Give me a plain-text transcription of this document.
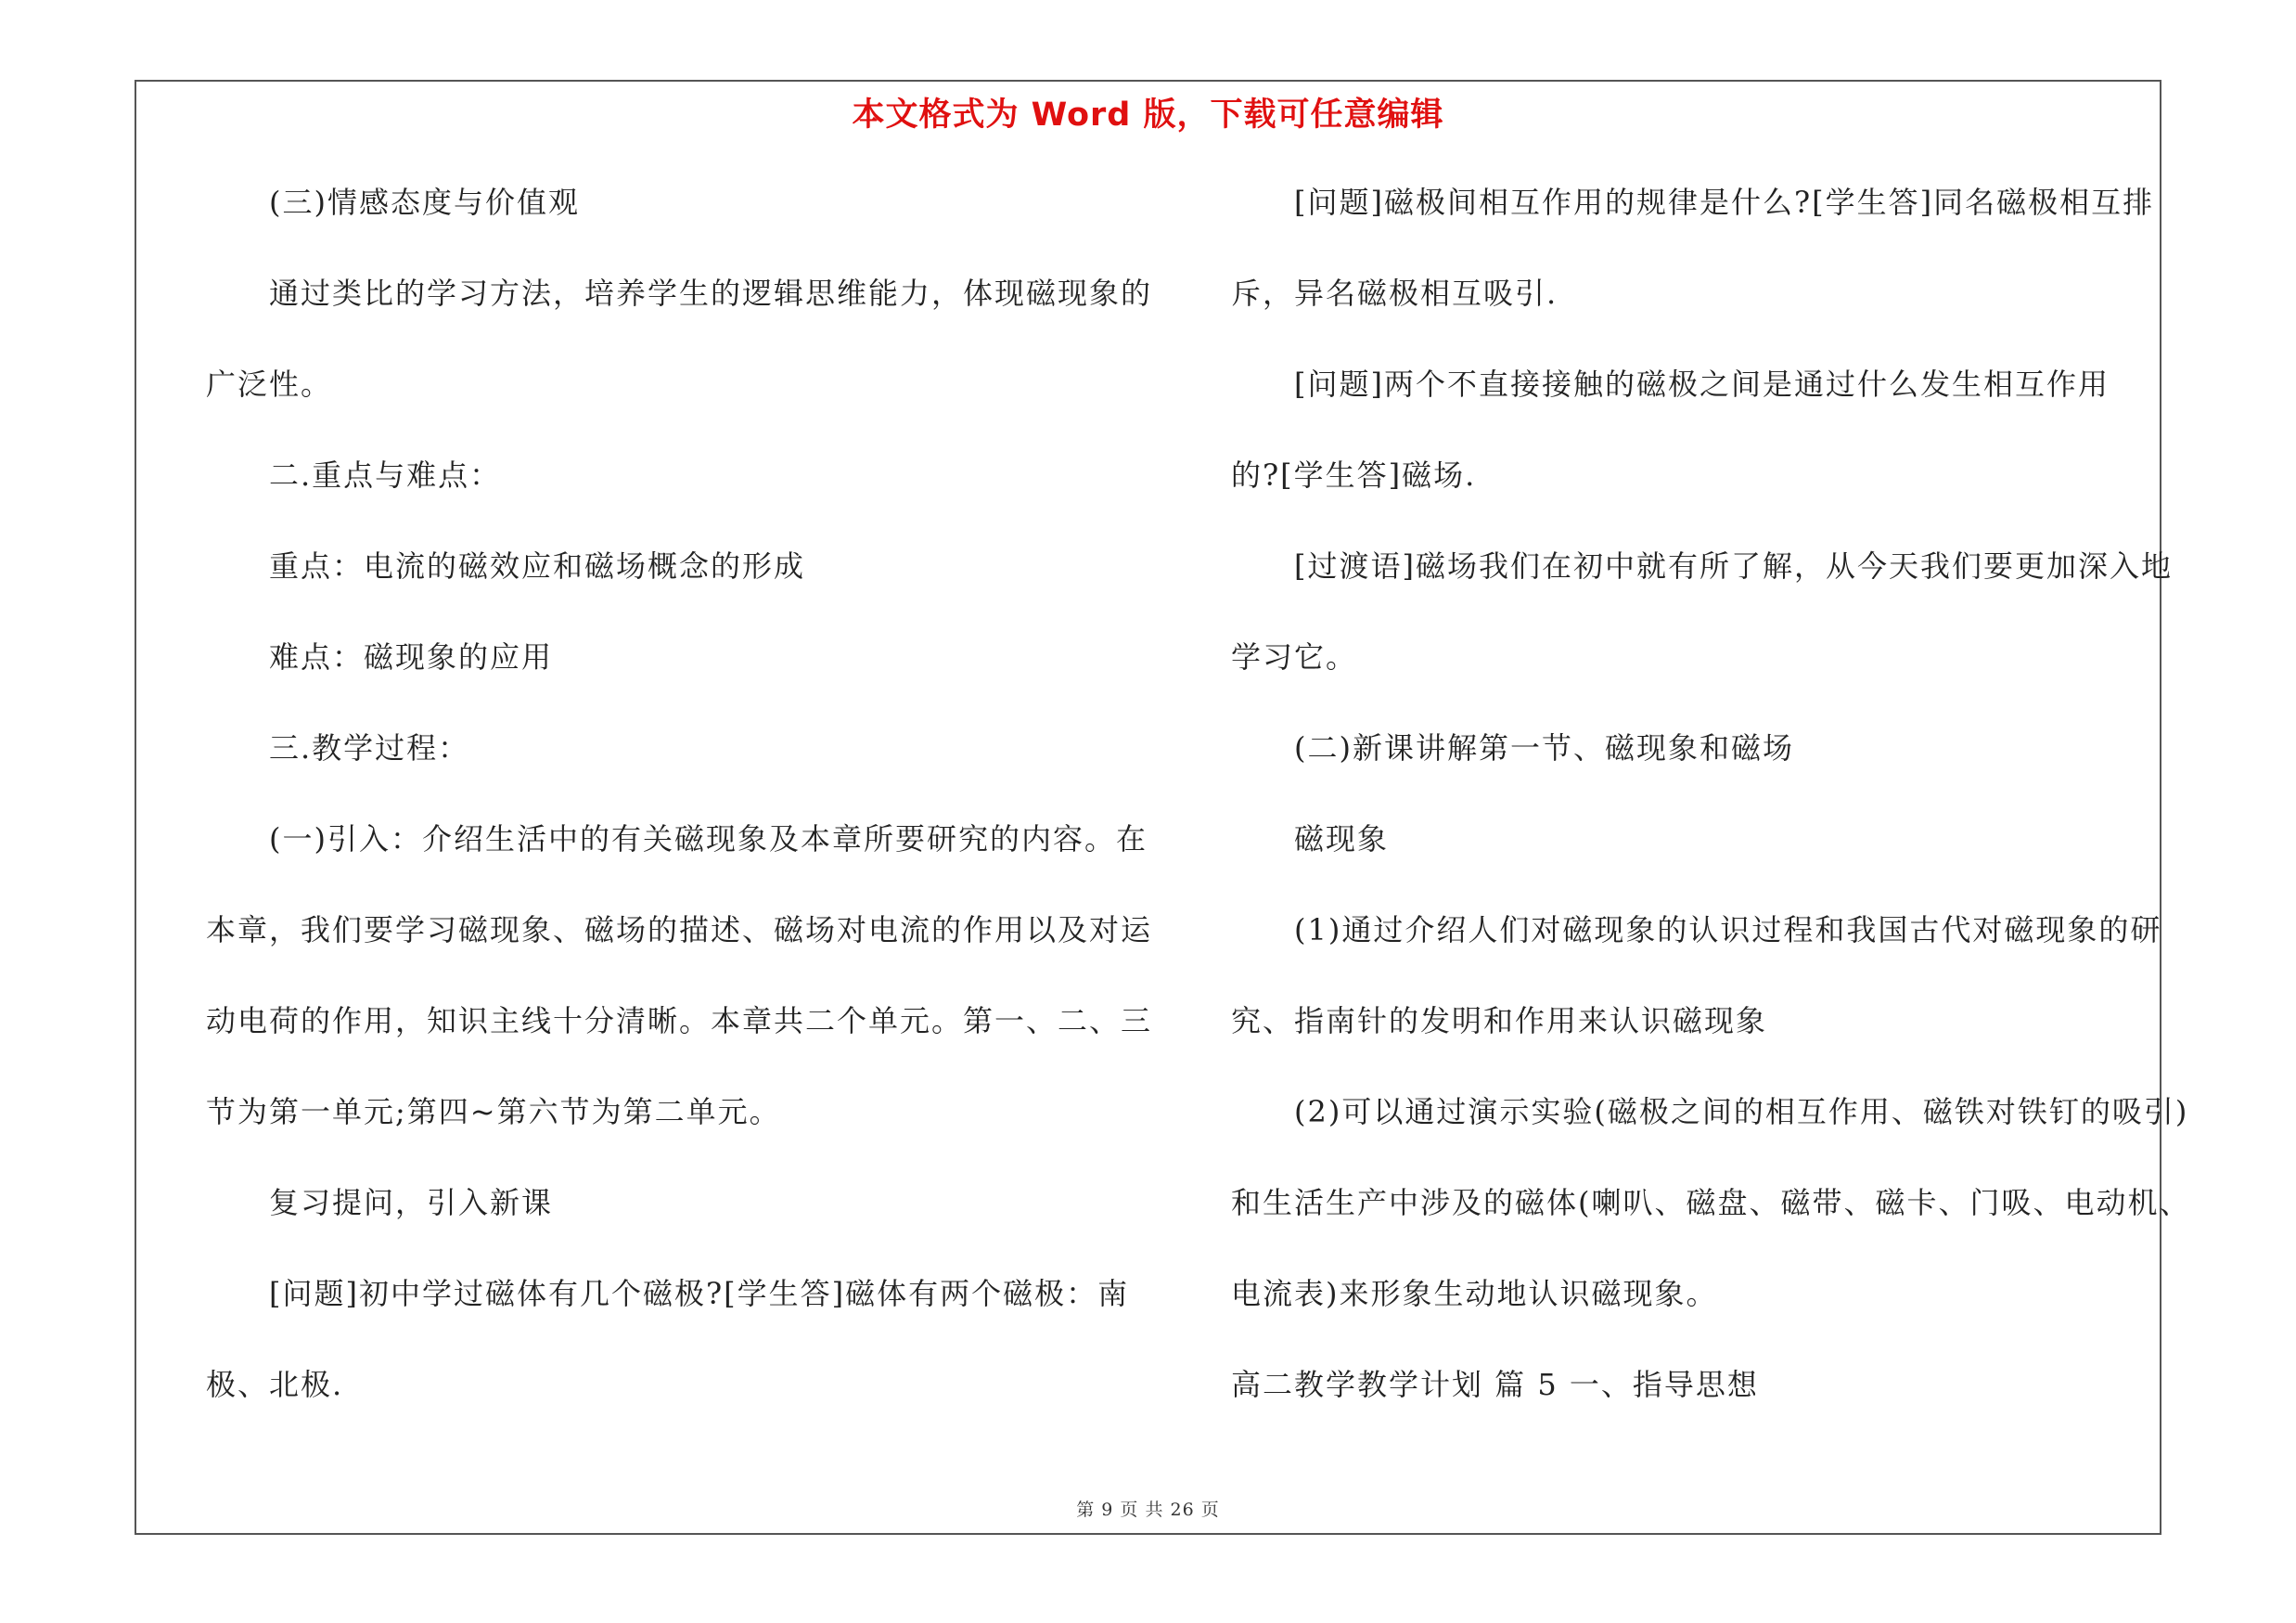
本文格式为 Word 版，下载可任意编辑
(三)情感态度与价值观
通过类比的学习方法，培养学生的逻辑思维能力，体现磁现象的
广泛性。
二.重点与难点：
重点：电流的磁效应和磁场概念的形成
难点：磁现象的应用
三.教学过程：
(一)引入：介绍生活中的有关磁现象及本章所要研究的内容。在
本章，我们要学习磁现象、磁场的描述、磁场对电流的作用以及对运
动电荷的作用，知识主线十分清晰。本章共二个单元。第一、二、三
节为第一单元;第四~第六节为第二单元。
复习提问，引入新课
[问题]初中学过磁体有几个磁极?[学生答]磁体有两个磁极：南
极、北极.
[问题]磁极间相互作用的规律是什么?[学生答]同名磁极相互排
斥，异名磁极相互吸引.
[问题]两个不直接接触的磁极之间是通过什么发生相互作用
的?[学生答]磁场.
[过渡语]磁场我们在初中就有所了解，从今天我们要更加深入地
学习它。
(二)新课讲解第一节、磁现象和磁场
磁现象
(1)通过介绍人们对磁现象的认识过程和我国古代对磁现象的研
究、指南针的发明和作用来认识磁现象
(2)可以通过演示实验(磁极之间的相互作用、磁铁对铁钉的吸引)
和生活生产中涉及的磁体(喇叭、磁盘、磁带、磁卡、门吸、电动机、
电流表)来形象生动地认识磁现象。
高二教学教学计划 篇 5 一、指导思想
第 9 页 共 26 页
